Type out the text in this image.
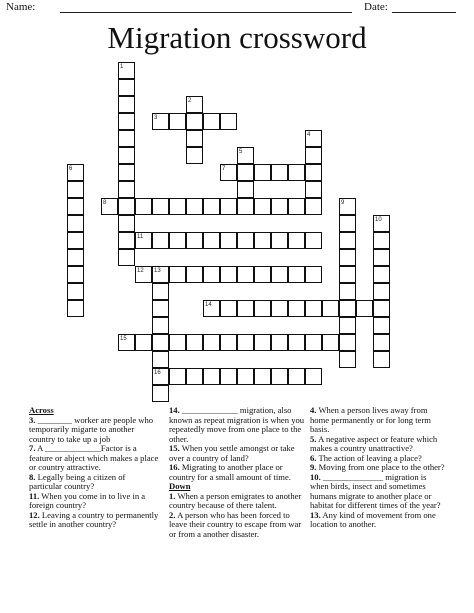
Name:	Date:
Migration crossword
1
2
3
4
5
6	7
8	9
10
11
12 13
14
15
16
Across
3. ________ worker are people who temporarily migarte to another country to take up a job
7. A _____________Factor is a feature or abject which makes a place or country attractive.
8. Legally being a citizen of particular country?
11. When you come in to live in a foreign country?
12. Leaving a country to permanently settle in another country?
14. _____________ migration, also known as repeat migration is when you repeatedly move from one place to the other.
15. When you settle amongst or take over a country of land?
16. Migrating to another place or country for a small amount of time.
Down
1. When a person emigrates to another country because of there talent.
2. A person who has been forced to leave their country to escape from war or from a another disaster.
4. When a person lives away from home permanently or for long term basis.
5. A negative aspect or feature which makes a country unattractive?
6. The action of leaving a place?
9. Moving from one place to the other?
10. ______________ migration is when birds, insect and sometimes humans migrate to another place or habitat for different times of the year?
13. Any kind of movement from one location to another.
